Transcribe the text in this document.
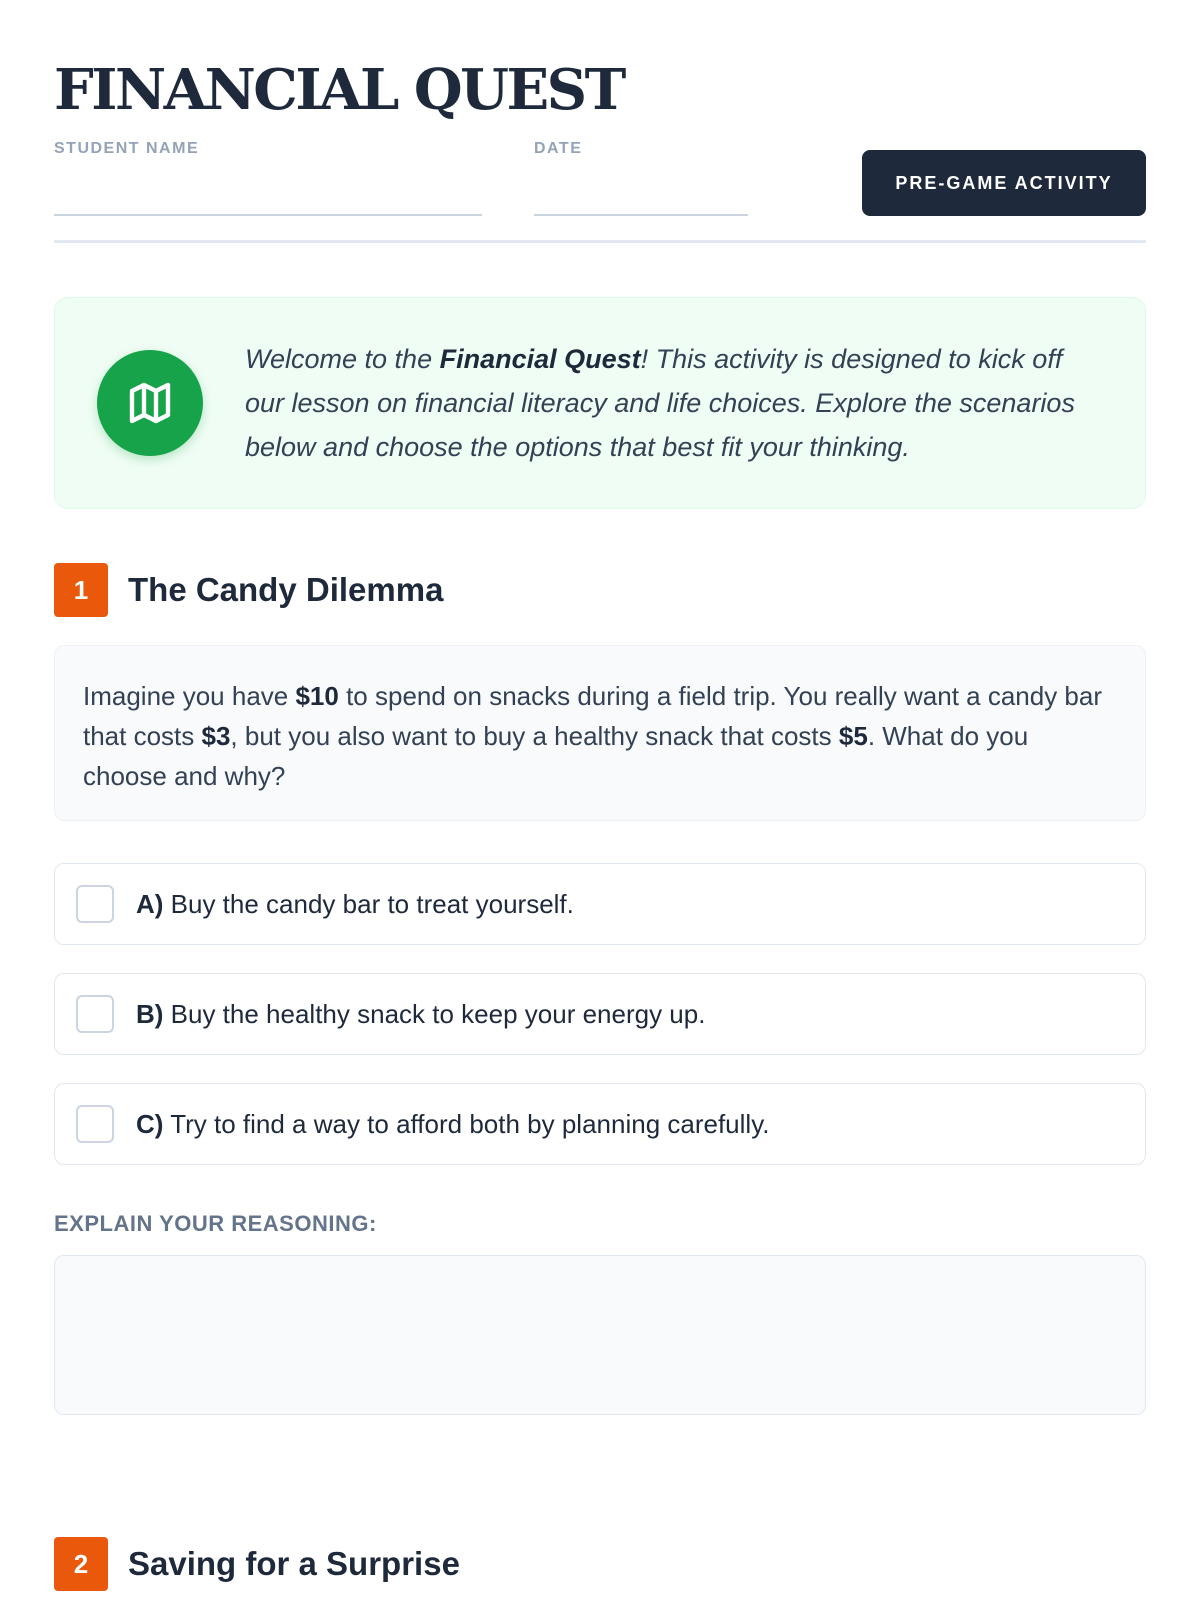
FINANCIAL QUEST
STUDENT NAME	DATE
PRE-GAME ACTIVITY
Welcome to the Financial Quest! This activity is designed to kick off our lesson on financial literacy and life choices. Explore the scenarios below and choose the options that best fit your thinking.
1	The Candy Dilemma
Imagine you have $10 to spend on snacks during a field trip. You really want a candy bar that costs $3, but you also want to buy a healthy snack that costs $5. What do you choose and why?
A) Buy the candy bar to treat yourself.
B) Buy the healthy snack to keep your energy up.
C) Try to find a way to afford both by planning carefully.
EXPLAIN YOUR REASONING:
2	Saving for a Surprise
